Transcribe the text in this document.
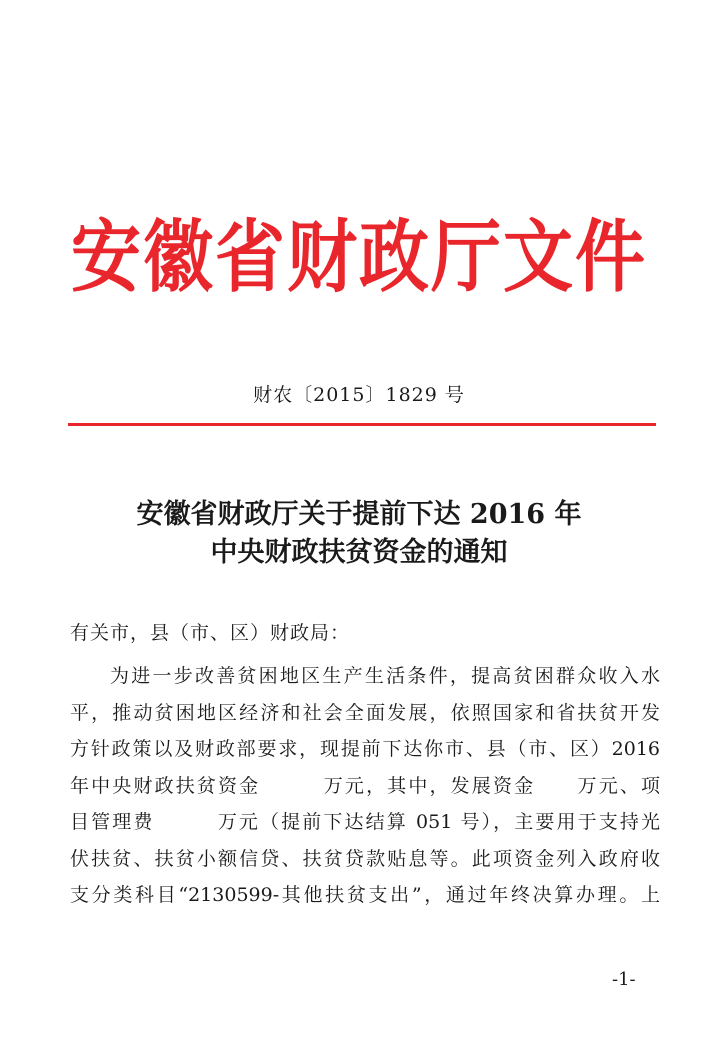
安徽省财政厅文件
财农〔2015〕1829 号
安徽省财政厅关于提前下达 2016 年
中央财政扶贫资金的通知
有关市，县（市、区）财政局：
为进一步改善贫困地区生产生活条件，提高贫困群众收入水
平，推动贫困地区经济和社会全面发展，依照国家和省扶贫开发
方针政策以及财政部要求，现提前下达你市、县（市、区）2016
年中央财政扶贫资金　　　万元，其中，发展资金　　万元、项
目管理费　　　万元（提前下达结算 051 号），主要用于支持光
伏扶贫、扶贫小额信贷、扶贫贷款贴息等。此项资金列入政府收
支分类科目“2130599-其他扶贫支出”，通过年终决算办理。上
-1-
